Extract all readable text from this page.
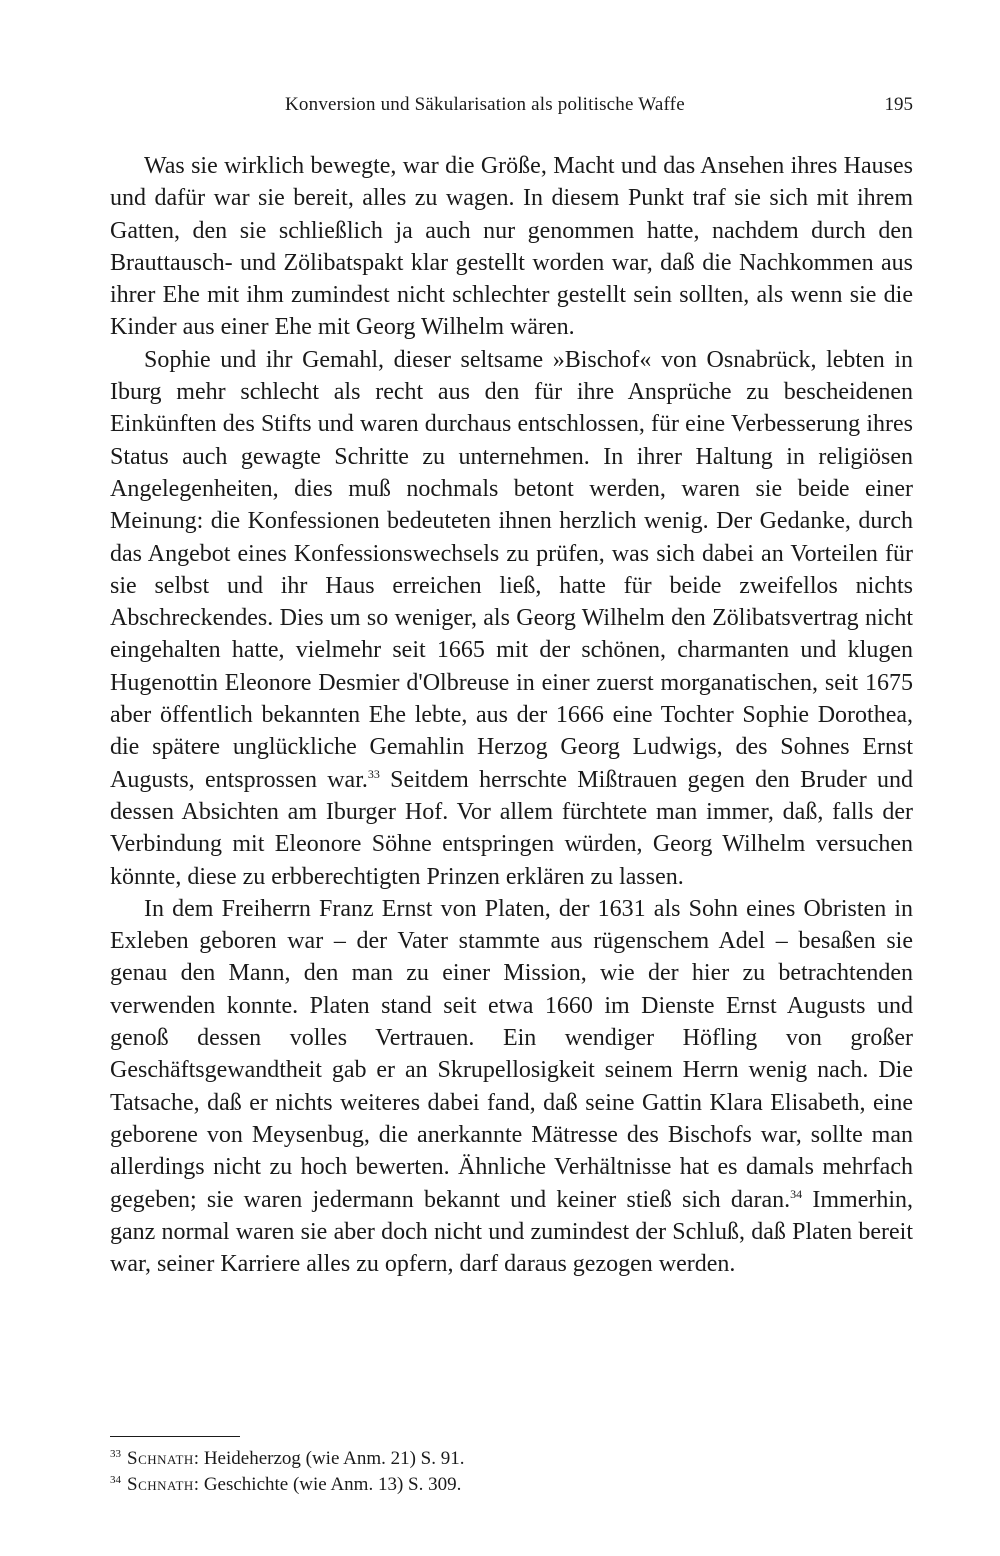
Konversion und Säkularisation als politische Waffe	195

Was sie wirklich bewegte, war die Größe, Macht und das Ansehen ihres Hauses und dafür war sie bereit, alles zu wagen. In diesem Punkt traf sie sich mit ihrem Gatten, den sie schließlich ja auch nur genommen hatte, nachdem durch den Brauttausch- und Zölibatspakt klar gestellt worden war, daß die Nachkommen aus ihrer Ehe mit ihm zumindest nicht schlechter gestellt sein sollten, als wenn sie die Kinder aus einer Ehe mit Georg Wilhelm wären.

Sophie und ihr Gemahl, dieser seltsame »Bischof« von Osnabrück, lebten in Iburg mehr schlecht als recht aus den für ihre Ansprüche zu bescheidenen Einkünften des Stifts und waren durchaus entschlossen, für eine Verbesserung ihres Status auch gewagte Schritte zu unternehmen. In ihrer Haltung in religiösen Angelegenheiten, dies muß nochmals betont werden, waren sie beide einer Meinung: die Konfessionen bedeuteten ihnen herzlich wenig. Der Gedanke, durch das Angebot eines Konfessionswechsels zu prüfen, was sich dabei an Vorteilen für sie selbst und ihr Haus erreichen ließ, hatte für beide zweifellos nichts Abschreckendes. Dies um so weniger, als Georg Wilhelm den Zölibatsvertrag nicht eingehalten hatte, vielmehr seit 1665 mit der schönen, charmanten und klugen Hugenottin Eleonore Desmier d'Olbreuse in einer zuerst morganatischen, seit 1675 aber öffentlich bekannten Ehe lebte, aus der 1666 eine Tochter Sophie Dorothea, die spätere unglückliche Gemahlin Herzog Georg Ludwigs, des Sohnes Ernst Augusts, entsprossen war.$^{33}$ Seitdem herrschte Mißtrauen gegen den Bruder und dessen Absichten am Iburger Hof. Vor allem fürchtete man immer, daß, falls der Verbindung mit Eleonore Söhne entspringen würden, Georg Wilhelm versuchen könnte, diese zu erbberechtigten Prinzen erklären zu lassen.

In dem Freiherrn Franz Ernst von Platen, der 1631 als Sohn eines Obristen in Exleben geboren war – der Vater stammte aus rügenschem Adel – besaßen sie genau den Mann, den man zu einer Mission, wie der hier zu betrachtenden verwenden konnte. Platen stand seit etwa 1660 im Dienste Ernst Augusts und genoß dessen volles Vertrauen. Ein wendiger Höfling von großer Geschäftsgewandtheit gab er an Skrupellosigkeit seinem Herrn wenig nach. Die Tatsache, daß er nichts weiteres dabei fand, daß seine Gattin Klara Elisabeth, eine geborene von Meysenbug, die anerkannte Mätresse des Bischofs war, sollte man allerdings nicht zu hoch bewerten. Ähnliche Verhältnisse hat es damals mehrfach gegeben; sie waren jedermann bekannt und keiner stieß sich daran.$^{34}$ Immerhin, ganz normal waren sie aber doch nicht und zumindest der Schluß, daß Platen bereit war, seiner Karriere alles zu opfern, darf daraus gezogen werden.

$^{33}$ Schnath: Heideherzog (wie Anm. 21) S. 91.
$^{34}$ Schnath: Geschichte (wie Anm. 13) S. 309.
